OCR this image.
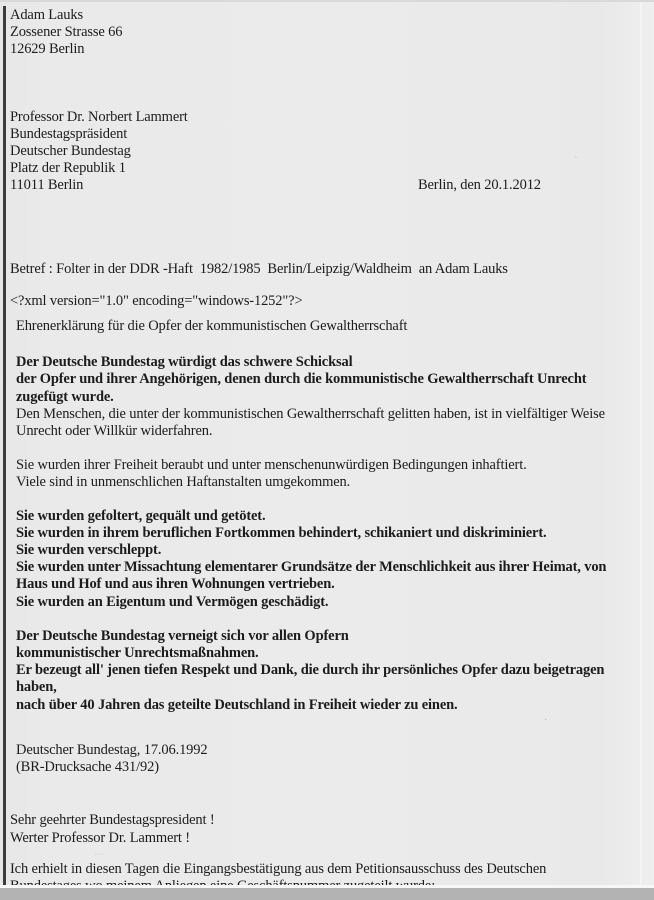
Adam Lauks
Zossener Strasse 66
12629 Berlin
Professor Dr. Norbert Lammert
Bundestagspräsident
Deutscher Bundestag
Platz der Republik 1
11011 Berlin
Betref : Folter in der DDR -Haft  1982/1985  Berlin/Leipzig/Waldheim  an Adam Lauks
<?xml version="1.0" encoding="windows-1252"?>
Ehrenerklärung für die Opfer der kommunistischen Gewaltherrschaft
Der Deutsche Bundestag würdigt das schwere Schicksal
der Opfer und ihrer Angehörigen, denen durch die kommunistische Gewaltherrschaft Unrecht
zugefügt wurde.
Den Menschen, die unter der kommunistischen Gewaltherrschaft gelitten haben, ist in vielfältiger Weise
Unrecht oder Willkür widerfahren.
Sie wurden ihrer Freiheit beraubt und unter menschenunwürdigen Bedingungen inhaftiert.
Viele sind in unmenschlichen Haftanstalten umgekommen.
Sie wurden gefoltert, gequält und getötet.
Sie wurden in ihrem beruflichen Fortkommen behindert, schikaniert und diskriminiert.
Sie wurden verschleppt.
Sie wurden unter Missachtung elementarer Grundsätze der Menschlichkeit aus ihrer Heimat, von
Haus und Hof und aus ihren Wohnungen vertrieben.
Sie wurden an Eigentum und Vermögen geschädigt.
Der Deutsche Bundestag verneigt sich vor allen Opfern
kommunistischer Unrechtsmaßnahmen.
Er bezeugt all' jenen tiefen Respekt und Dank, die durch ihr persönliches Opfer dazu beigetragen
haben,
nach über 40 Jahren das geteilte Deutschland in Freiheit wieder zu einen.
Deutscher Bundestag, 17.06.1992
(BR-Drucksache 431/92)
Sehr geehrter Bundestagspresident !
Werter Professor Dr. Lammert !
Ich erhielt in diesen Tagen die Eingangsbestätigung aus dem Petitionsausschuss des Deutschen
Berlin, den 20.1.2012
`
·
…
